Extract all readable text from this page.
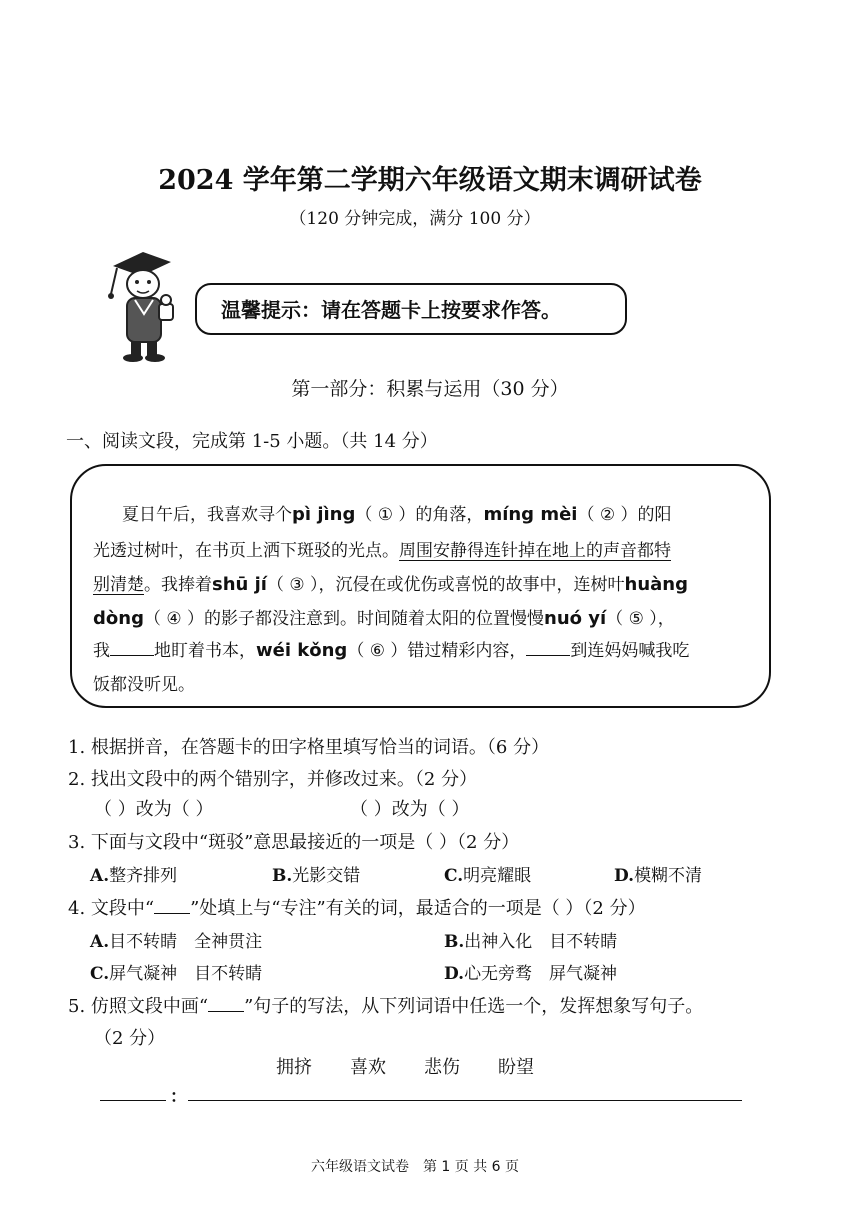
2024 学年第二学期六年级语文期末调研试卷
（120 分钟完成，满分 100 分）
温馨提示：请在答题卡上按要求作答。
第一部分：积累与运用（30 分）
一、阅读文段，完成第 1-5 小题。（共 14 分）
夏日午后，我喜欢寻个pì jìng（ ① ）的角落，míng mèi（ ② ）的阳
光透过树叶，在书页上洒下斑驳的光点。周围安静得连针掉在地上的声音都特
别清楚。我捧着shū jí（ ③ ），沉侵在或优伤或喜悦的故事中，连树叶huàng
dòng（ ④ ）的影子都没注意到。时间随着太阳的位置慢慢nuó yí（ ⑤ ），
我	地盯着书本，wéi kǒng（ ⑥ ）错过精彩内容，	到连妈妈喊我吃
饭都没听见。
1. 根据拼音，在答题卡的田字格里填写恰当的词语。（6 分）
2. 找出文段中的两个错别字，并修改过来。（2 分）
（ ）改为（ ）	（ ）改为（ ）
3. 下面与文段中“斑驳”意思最接近的一项是（ ）（2 分）
A.整齐排列	B.光影交错	C.明亮耀眼	D.模糊不清
4. 文段中“ ”处填上与“专注”有关的词，最适合的一项是（ ）（2 分）
A.目不转睛　全神贯注	B.出神入化　目不转睛
C.屏气凝神　目不转睛	D.心无旁骛　屏气凝神
5. 仿照文段中画“ ”句子的写法，从下列词语中任选一个，发挥想象写句子。
（2 分）
拥挤 喜欢 悲伤 盼望
：
六年级语文试卷　第 1 页 共 6 页
